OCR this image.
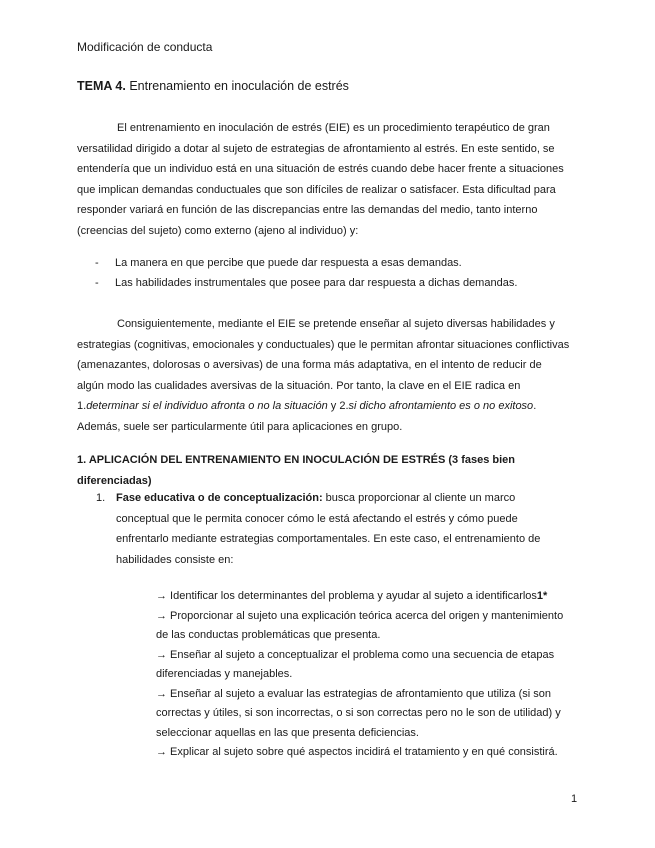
Modificación de conducta
TEMA 4. Entrenamiento en inoculación de estrés
El entrenamiento en inoculación de estrés (EIE) es un procedimiento terapéutico de gran
versatilidad dirigido a dotar al sujeto de estrategias de afrontamiento al estrés. En este sentido, se
entendería que un individuo está en una situación de estrés cuando debe hacer frente a situaciones
que implican demandas conductuales que son difíciles de realizar o satisfacer. Esta dificultad para
responder variará en función de las discrepancias entre las demandas del medio, tanto interno
(creencias del sujeto) como externo (ajeno al individuo) y:
- La manera en que percibe que puede dar respuesta a esas demandas.
- Las habilidades instrumentales que posee para dar respuesta a dichas demandas.
Consiguientemente, mediante el EIE se pretende enseñar al sujeto diversas habilidades y
estrategias (cognitivas, emocionales y conductuales) que le permitan afrontar situaciones conflictivas
(amenazantes, dolorosas o aversivas) de una forma más adaptativa, en el intento de reducir de
algún modo las cualidades aversivas de la situación. Por tanto, la clave en el EIE radica en
1.determinar si el individuo afronta o no la situación y 2.si dicho afrontamiento es o no exitoso.
Además, suele ser particularmente útil para aplicaciones en grupo.
1. APLICACIÓN DEL ENTRENAMIENTO EN INOCULACIÓN DE ESTRÉS (3 fases bien
diferenciadas)
1. Fase educativa o de conceptualización: busca proporcionar al cliente un marco
conceptual que le permita conocer cómo le está afectando el estrés y cómo puede
enfrentarlo mediante estrategias comportamentales. En este caso, el entrenamiento de
habilidades consiste en:
→ Identificar los determinantes del problema y ayudar al sujeto a identificarlos1*
→ Proporcionar al sujeto una explicación teórica acerca del origen y mantenimiento
de las conductas problemáticas que presenta.
→ Enseñar al sujeto a conceptualizar el problema como una secuencia de etapas
diferenciadas y manejables.
→ Enseñar al sujeto a evaluar las estrategias de afrontamiento que utiliza (si son
correctas y útiles, si son incorrectas, o si son correctas pero no le son de utilidad) y
seleccionar aquellas en las que presenta deficiencias.
→ Explicar al sujeto sobre qué aspectos incidirá el tratamiento y en qué consistirá.
1
